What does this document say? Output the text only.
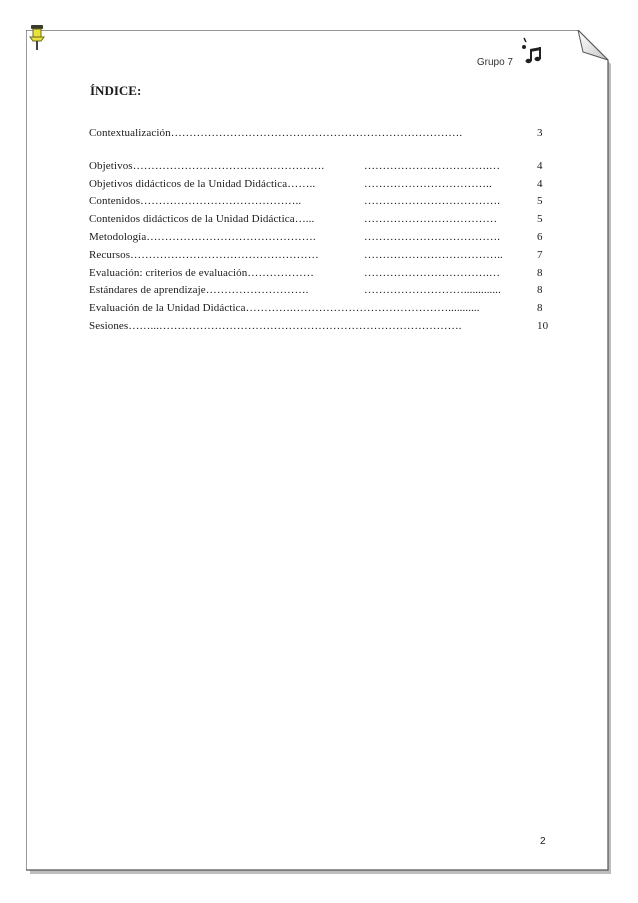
Grupo 7
ÍNDICE:
Contextualización…………………………………………………………………….	3
Objetivos…………………………………………….	…………………………….…	4
Objetivos didácticos de la Unidad Didáctica……..	……………………………..	4
Contenidos……………………………………..	……………………………….	5
Contenidos didácticos de la Unidad Didáctica…...	………………………………	5
Metodología……………………………………….	……………………………….	6
Recursos……………………………………………	………………………………..	7
Evaluación: criterios de evaluación………………	…………………………….…	8
Estándares de aprendizaje……………………….	……………………….............	8
Evaluación de la Unidad Didáctica………….……………………………………...........	8
Sesiones……...……………………………………………………………………….	10
2
